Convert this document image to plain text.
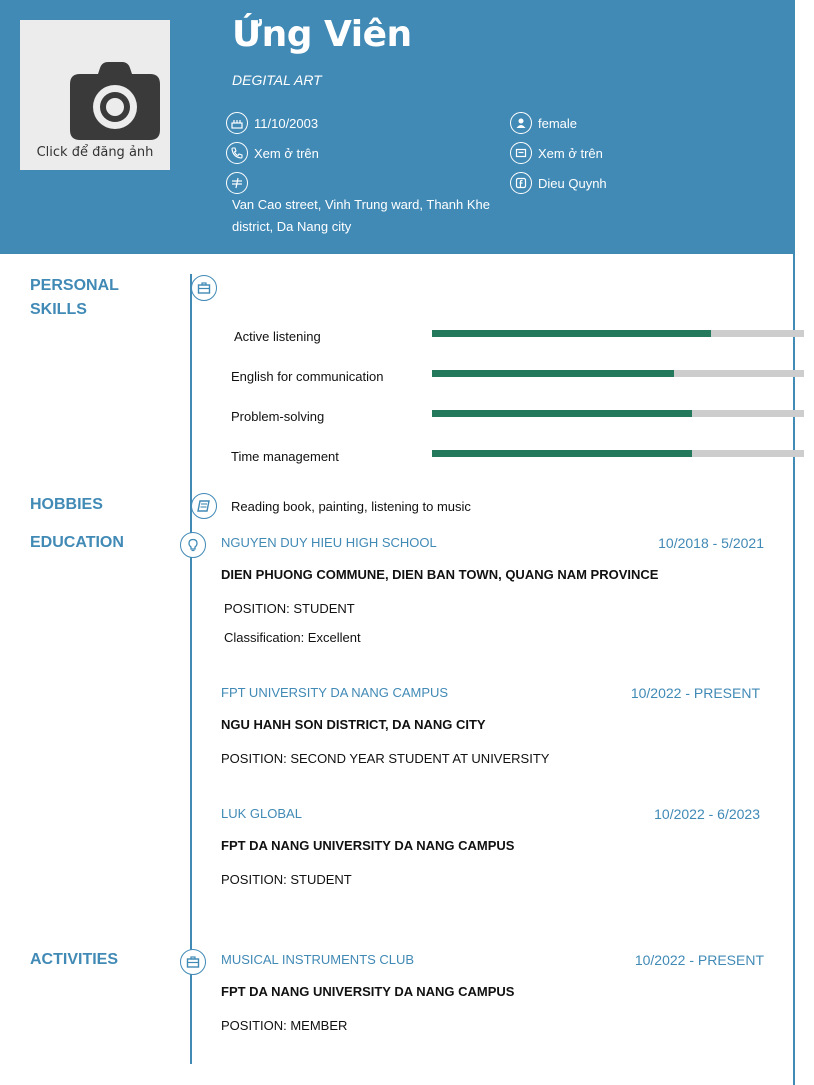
Click để đăng ảnh
Ứng Viên
DEGITAL ART
11/10/2003
Xem ở trên
Van Cao street, Vinh Trung ward, Thanh Khe district, Da Nang city
female
Xem ở trên
Dieu Quynh
PERSONAL SKILLS
Active listening
English for communication
Problem-solving
Time management
HOBBIES	Reading book, painting, listening to music
EDUCATION	NGUYEN DUY HIEU HIGH SCHOOL	10/2018 - 5/2021
DIEN PHUONG COMMUNE, DIEN BAN TOWN, QUANG NAM PROVINCE
POSITION: STUDENT
Classification: Excellent
FPT UNIVERSITY DA NANG CAMPUS	10/2022 - PRESENT
NGU HANH SON DISTRICT, DA NANG CITY
POSITION: SECOND YEAR STUDENT AT UNIVERSITY
LUK GLOBAL	10/2022 - 6/2023
FPT DA NANG UNIVERSITY DA NANG CAMPUS
POSITION: STUDENT
ACTIVITIES	MUSICAL INSTRUMENTS CLUB	10/2022 - PRESENT
FPT DA NANG UNIVERSITY DA NANG CAMPUS
POSITION: MEMBER
